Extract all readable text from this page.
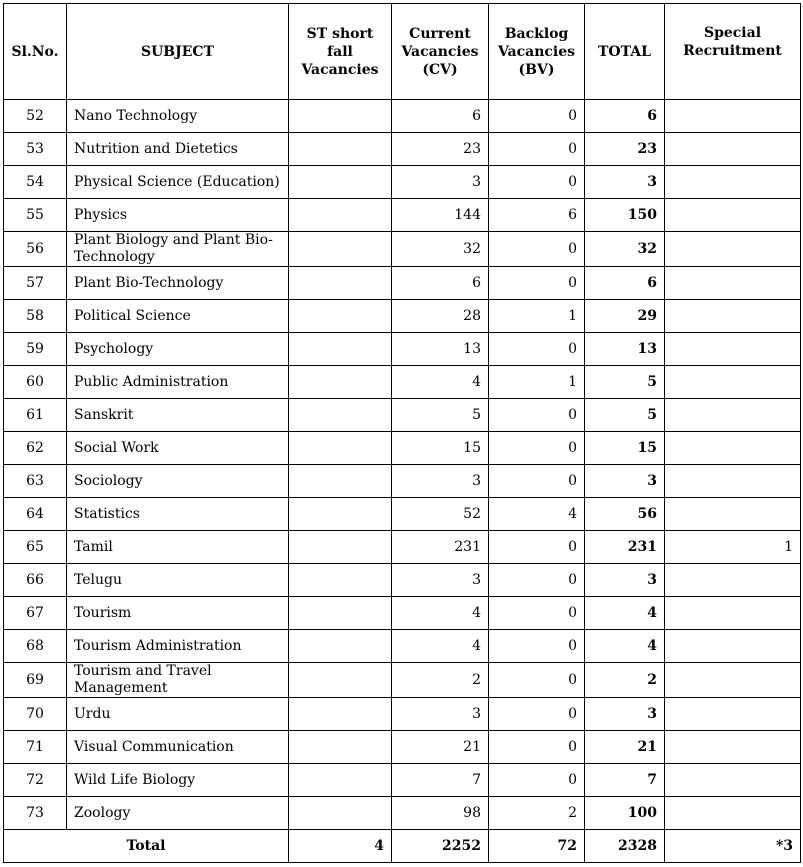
Sl.No.	SUBJECT	ST short fall Vacancies	Current Vacancies (CV)	Backlog Vacancies (BV)	TOTAL	Special Recruitment
52	Nano Technology		6	0	6	
53	Nutrition and Dietetics		23	0	23	
54	Physical Science (Education)		3	0	3	
55	Physics		144	6	150	
56	Plant Biology and Plant Bio-Technology		32	0	32	
57	Plant Bio-Technology		6	0	6	
58	Political Science		28	1	29	
59	Psychology		13	0	13	
60	Public Administration		4	1	5	
61	Sanskrit		5	0	5	
62	Social Work		15	0	15	
63	Sociology		3	0	3	
64	Statistics		52	4	56	
65	Tamil		231	0	231	1
66	Telugu		3	0	3	
67	Tourism		4	0	4	
68	Tourism Administration		4	0	4	
69	Tourism and Travel Management		2	0	2	
70	Urdu		3	0	3	
71	Visual Communication		21	0	21	
72	Wild Life Biology		7	0	7	
73	Zoology		98	2	100	
Total		4	2252	72	2328	*3
